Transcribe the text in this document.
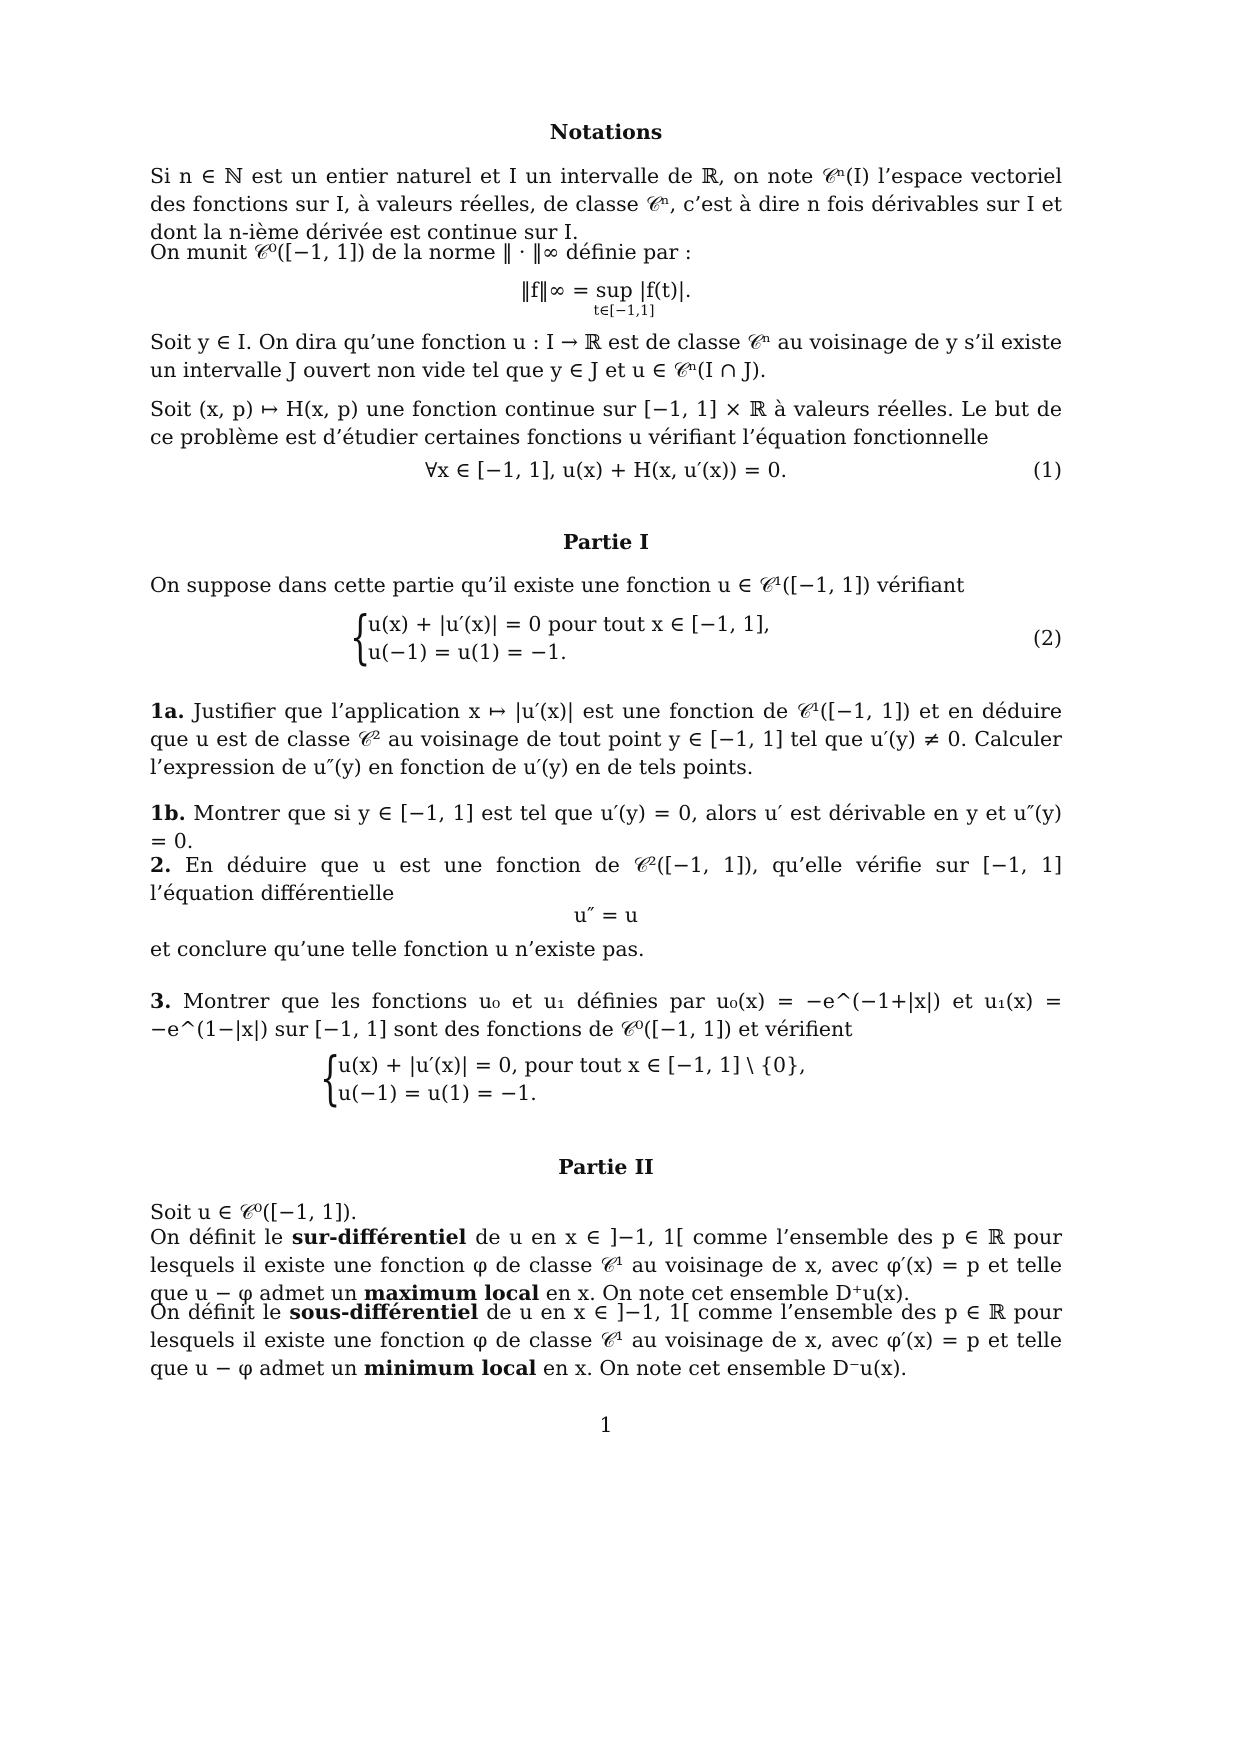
Notations
Si n ∈ ℕ est un entier naturel et I un intervalle de ℝ, on note 𝒞ⁿ(I) l’espace vectoriel des fonctions sur I, à valeurs réelles, de classe 𝒞ⁿ, c’est à dire n fois dérivables sur I et dont la n-ième dérivée est continue sur I.
On munit 𝒞⁰([−1, 1]) de la norme ‖ · ‖∞ définie par :
‖f‖∞ = sup |f(t)|.
t∈[−1,1]
Soit y ∈ I. On dira qu’une fonction u : I → ℝ est de classe 𝒞ⁿ au voisinage de y s’il existe un intervalle J ouvert non vide tel que y ∈ J et u ∈ 𝒞ⁿ(I ∩ J).
Soit (x, p) ↦ H(x, p) une fonction continue sur [−1, 1] × ℝ à valeurs réelles. Le but de ce problème est d’étudier certaines fonctions u vérifiant l’équation fonctionnelle
∀x ∈ [−1, 1], u(x) + H(x, u′(x)) = 0.	(1)
Partie I
On suppose dans cette partie qu’il existe une fonction u ∈ 𝒞¹([−1, 1]) vérifiant
{
u(x) + |u′(x)| = 0 pour tout x ∈ [−1, 1],
u(−1) = u(1) = −1.
(2)
1a. Justifier que l’application x ↦ |u′(x)| est une fonction de 𝒞¹([−1, 1]) et en déduire que u est de classe 𝒞² au voisinage de tout point y ∈ [−1, 1] tel que u′(y) ≠ 0. Calculer l’expression de u″(y) en fonction de u′(y) en de tels points.
1b. Montrer que si y ∈ [−1, 1] est tel que u′(y) = 0, alors u′ est dérivable en y et u″(y) = 0.
2. En déduire que u est une fonction de 𝒞²([−1, 1]), qu’elle vérifie sur [−1, 1] l’équation différentielle
u″ = u
et conclure qu’une telle fonction u n’existe pas.
3. Montrer que les fonctions u₀ et u₁ définies par u₀(x) = −e^(−1+|x|) et u₁(x) = −e^(1−|x|) sur [−1, 1] sont des fonctions de 𝒞⁰([−1, 1]) et vérifient
{
u(x) + |u′(x)| = 0, pour tout x ∈ [−1, 1] \ {0},
u(−1) = u(1) = −1.
Partie II
Soit u ∈ 𝒞⁰([−1, 1]).
On définit le sur-différentiel de u en x ∈ ]−1, 1[ comme l’ensemble des p ∈ ℝ pour lesquels il existe une fonction φ de classe 𝒞¹ au voisinage de x, avec φ′(x) = p et telle que u − φ admet un maximum local en x. On note cet ensemble D⁺u(x).
On définit le sous-différentiel de u en x ∈ ]−1, 1[ comme l’ensemble des p ∈ ℝ pour lesquels il existe une fonction φ de classe 𝒞¹ au voisinage de x, avec φ′(x) = p et telle que u − φ admet un minimum local en x. On note cet ensemble D⁻u(x).
1
